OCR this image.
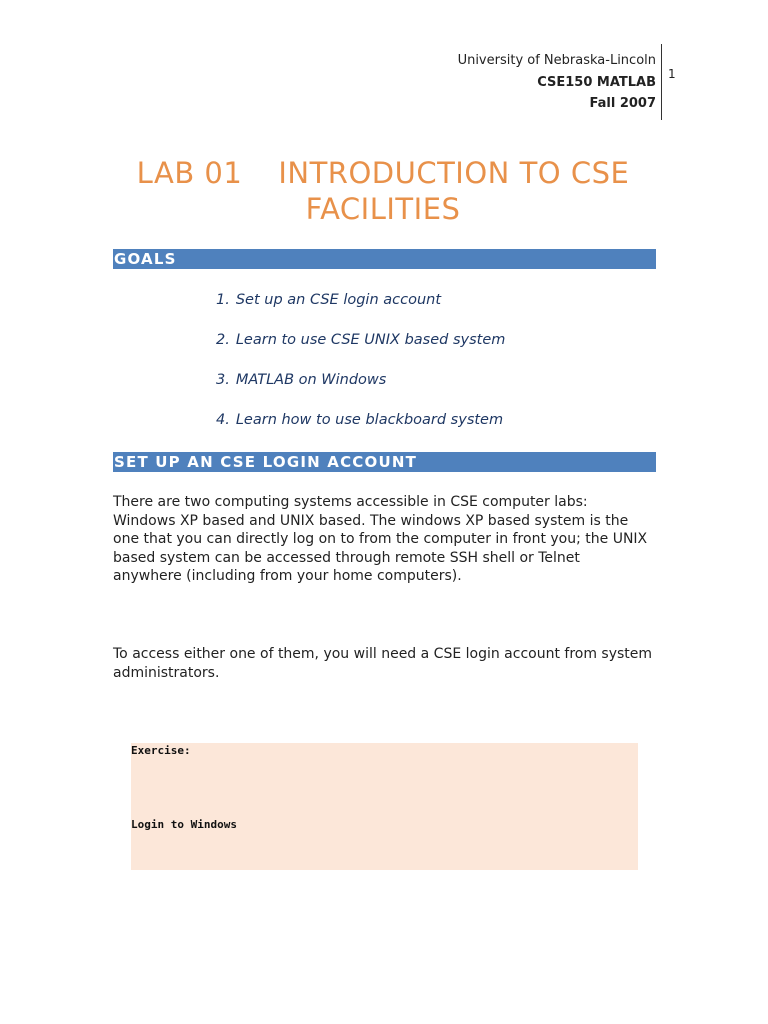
University of Nebraska-Lincoln
CSE150 MATLAB
Fall 2007
1
LAB 01 INTRODUCTION TO CSE FACILITIES
GOALS
1. Set up an CSE login account
2. Learn to use CSE UNIX based system
3. MATLAB on Windows
4. Learn how to use blackboard system
SET UP AN CSE LOGIN ACCOUNT

There are two computing systems accessible in CSE computer labs: Windows XP based and UNIX based. The windows XP based system is the one that you can directly log on to from the computer in front you; the UNIX based system can be accessed through remote SSH shell or Telnet anywhere (including from your home computers).

To access either one of them, you will need a CSE login account from system administrators.

Exercise:
Login to Windows
